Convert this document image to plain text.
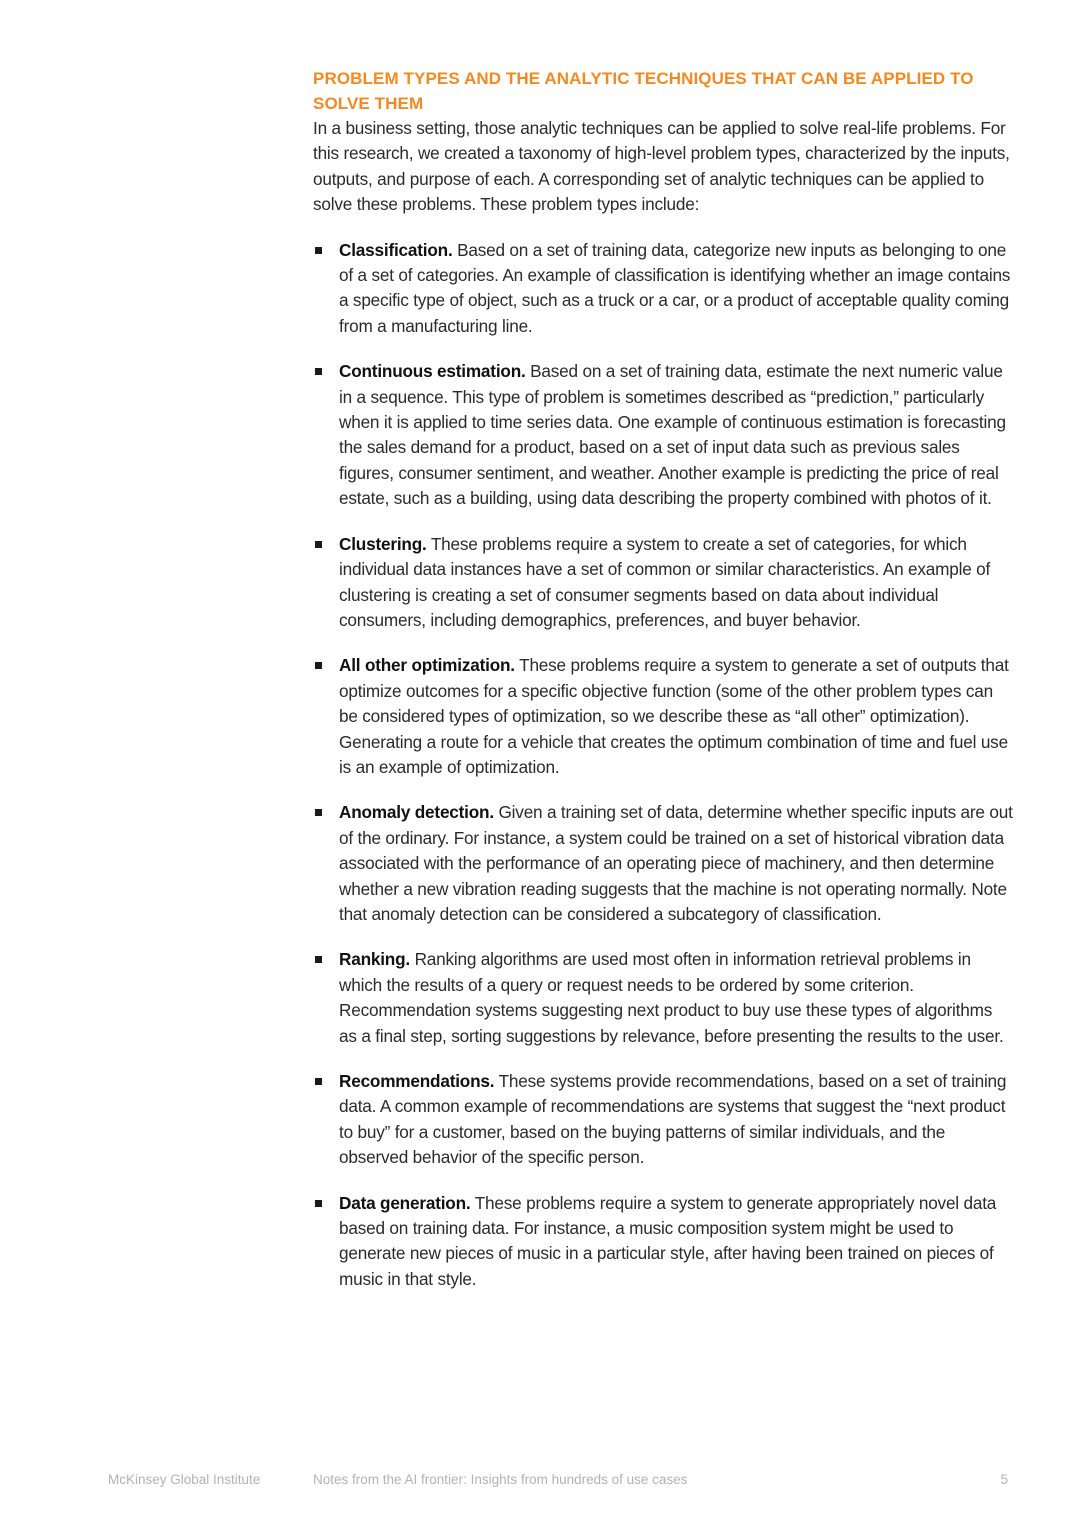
PROBLEM TYPES AND THE ANALYTIC TECHNIQUES THAT CAN BE APPLIED TO SOLVE THEM

In a business setting, those analytic techniques can be applied to solve real-life problems. For this research, we created a taxonomy of high-level problem types, characterized by the inputs, outputs, and purpose of each. A corresponding set of analytic techniques can be applied to solve these problems. These problem types include:

Classification. Based on a set of training data, categorize new inputs as belonging to one of a set of categories. An example of classification is identifying whether an image contains a specific type of object, such as a truck or a car, or a product of acceptable quality coming from a manufacturing line.
Continuous estimation. Based on a set of training data, estimate the next numeric value in a sequence. This type of problem is sometimes described as “prediction,” particularly when it is applied to time series data. One example of continuous estimation is forecasting the sales demand for a product, based on a set of input data such as previous sales figures, consumer sentiment, and weather. Another example is predicting the price of real estate, such as a building, using data describing the property combined with photos of it.
Clustering. These problems require a system to create a set of categories, for which individual data instances have a set of common or similar characteristics. An example of clustering is creating a set of consumer segments based on data about individual consumers, including demographics, preferences, and buyer behavior.
All other optimization. These problems require a system to generate a set of outputs that optimize outcomes for a specific objective function (some of the other problem types can be considered types of optimization, so we describe these as “all other” optimization). Generating a route for a vehicle that creates the optimum combination of time and fuel use is an example of optimization.
Anomaly detection. Given a training set of data, determine whether specific inputs are out of the ordinary. For instance, a system could be trained on a set of historical vibration data associated with the performance of an operating piece of machinery, and then determine whether a new vibration reading suggests that the machine is not operating normally. Note that anomaly detection can be considered a subcategory of classification.
Ranking. Ranking algorithms are used most often in information retrieval problems in which the results of a query or request needs to be ordered by some criterion. Recommendation systems suggesting next product to buy use these types of algorithms as a final step, sorting suggestions by relevance, before presenting the results to the user.
Recommendations. These systems provide recommendations, based on a set of training data. A common example of recommendations are systems that suggest the “next product to buy” for a customer, based on the buying patterns of similar individuals, and the observed behavior of the specific person.
Data generation. These problems require a system to generate appropriately novel data based on training data. For instance, a music composition system might be used to generate new pieces of music in a particular style, after having been trained on pieces of music in that style.
McKinsey Global Institute	Notes from the AI frontier: Insights from hundreds of use cases	5
